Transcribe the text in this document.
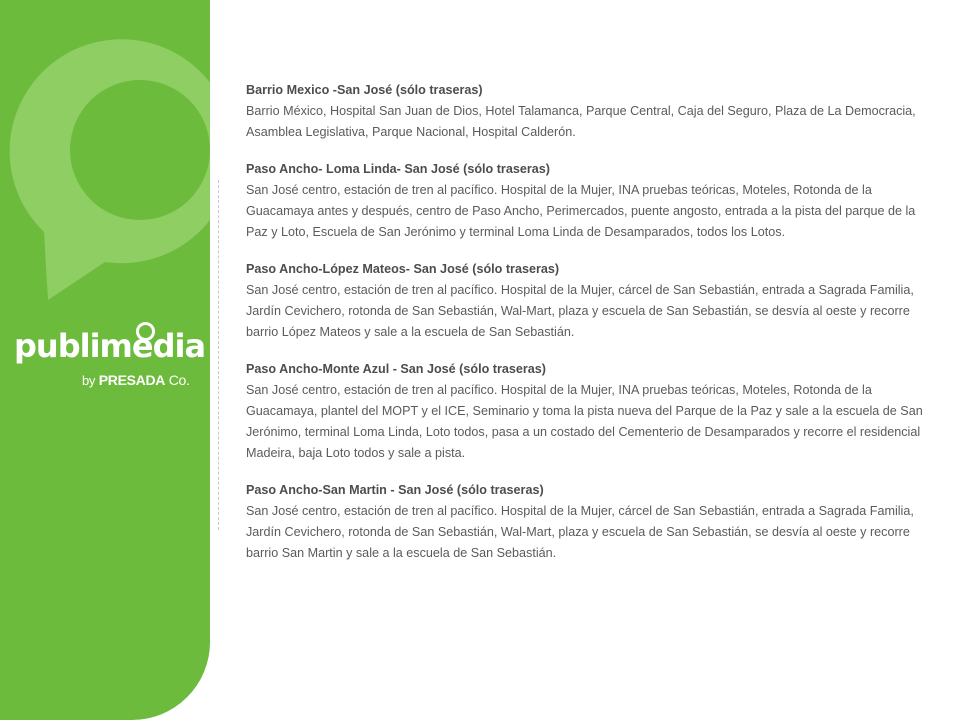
publimedia
by PRESADA Co.
Barrio Mexico -San José (sólo traseras)
Barrio México, Hospital San Juan de Dios, Hotel Talamanca, Parque Central, Caja del Seguro, Plaza de La Democracia, Asamblea Legislativa, Parque Nacional, Hospital Calderón.
Paso Ancho- Loma Linda- San José (sólo traseras)
San José centro, estación de tren al pacífico. Hospital de la Mujer, INA pruebas teóricas, Moteles, Rotonda de la Guacamaya antes y después, centro de Paso Ancho, Perimercados, puente angosto, entrada a la pista del parque de la Paz y Loto, Escuela de San Jerónimo y terminal Loma Linda de Desamparados, todos los Lotos.
Paso Ancho-López Mateos- San José (sólo traseras)
San José centro, estación de tren al pacífico. Hospital de la Mujer, cárcel de San Sebastián, entrada a Sagrada Familia, Jardín Cevichero, rotonda de San Sebastián, Wal-Mart, plaza y escuela de San Sebastián, se desvía al oeste y recorre barrio López Mateos y sale a la escuela de San Sebastián.
Paso Ancho-Monte Azul - San José (sólo traseras)
San José centro, estación de tren al pacífico. Hospital de la Mujer, INA pruebas teóricas, Moteles, Rotonda de la Guacamaya, plantel del MOPT y el ICE, Seminario y toma la pista nueva del Parque de la Paz y sale a la escuela de San Jerónimo, terminal Loma Linda, Loto todos, pasa a un costado del Cementerio de Desamparados y recorre el residencial Madeira, baja Loto todos y sale a pista.
Paso Ancho-San Martin - San José (sólo traseras)
San José centro, estación de tren al pacífico. Hospital de la Mujer, cárcel de San Sebastián, entrada a Sagrada Familia, Jardín Cevichero, rotonda de San Sebastián, Wal-Mart, plaza y escuela de San Sebastián, se desvía al oeste y recorre barrio San Martin y sale a la escuela de San Sebastián.
